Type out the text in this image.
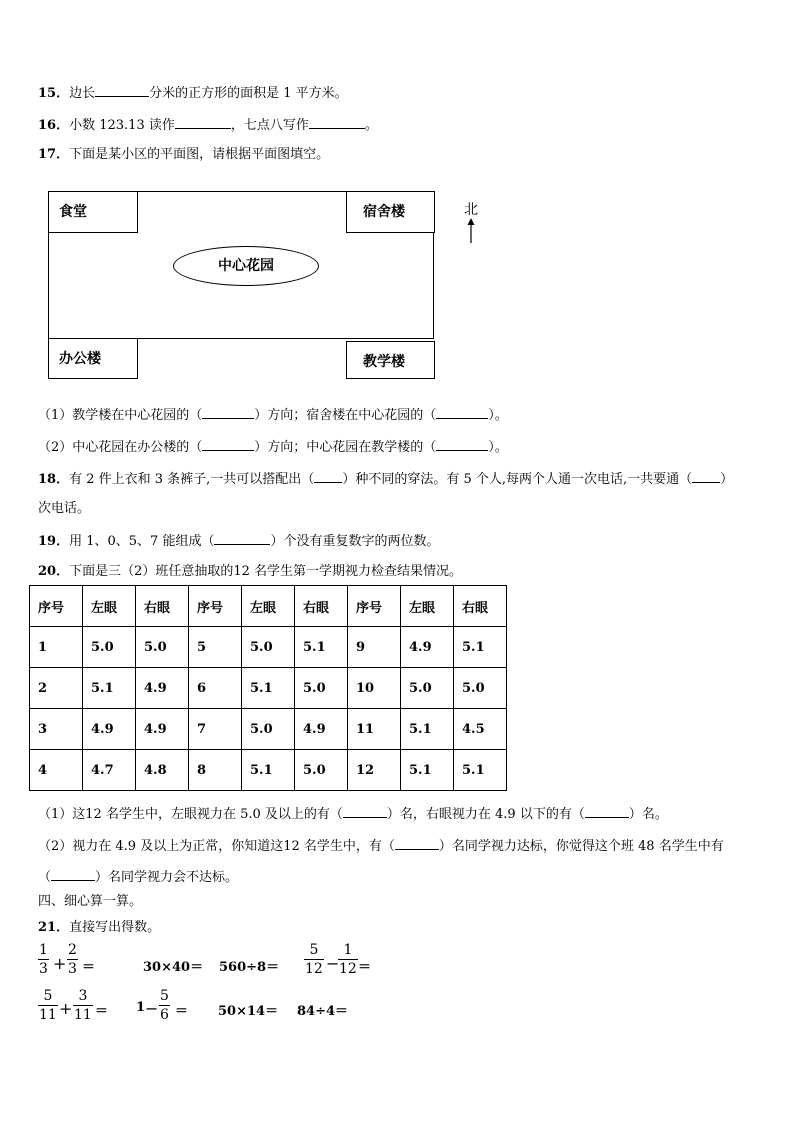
15．边长	分米的正方形的面积是 1 平方米。
16．小数 123.13 读作	，七点八写作	。
17．下面是某小区的平面图，请根据平面图填空。
食堂	宿舍楼
中心花园
办公楼	教学楼
北
（1）教学楼在中心花园的（	）方向；宿舍楼在中心花园的（	）。
（2）中心花园在办公楼的（	）方向；中心花园在教学楼的（	）。
18．有 2 件上衣和 3 条裤子,一共可以搭配出（ ）种不同的穿法。有 5 个人,每两个人通一次电话,一共要通（ ）
次电话。
19．用 1、0、5、7 能组成（	）个没有重复数字的两位数。
20．下面是三（2）班任意抽取的12 名学生第一学期视力检查结果情况。
序号	左眼	右眼	序号	左眼	右眼	序号	左眼	右眼
1	5.0	5.0	5	5.0	5.1	9	4.9	5.1
2	5.1	4.9	6	5.1	5.0	10	5.0	5.0
3	4.9	4.9	7	5.0	4.9	11	5.1	4.5
4	4.7	4.8	8	5.1	5.0	12	5.1	5.1
（1）这12 名学生中，左眼视力在 5.0 及以上的有（	）名，右眼视力在 4.9 以下的有（	）名。
（2）视力在 4.9 及以上为正常，你知道这12 名学生中，有（	）名同学视力达标，你觉得这个班 48 名学生中有
（	）名同学视力会不达标。
四、细心算一算。
21．直接写出得数。
1
3 +
2
3 ＝	30×40＝ 560÷8＝
5
12 −
1
12 ＝
5
11 +
3
11 ＝ 1 −
5
6 ＝ 50×14＝ 84÷4＝
